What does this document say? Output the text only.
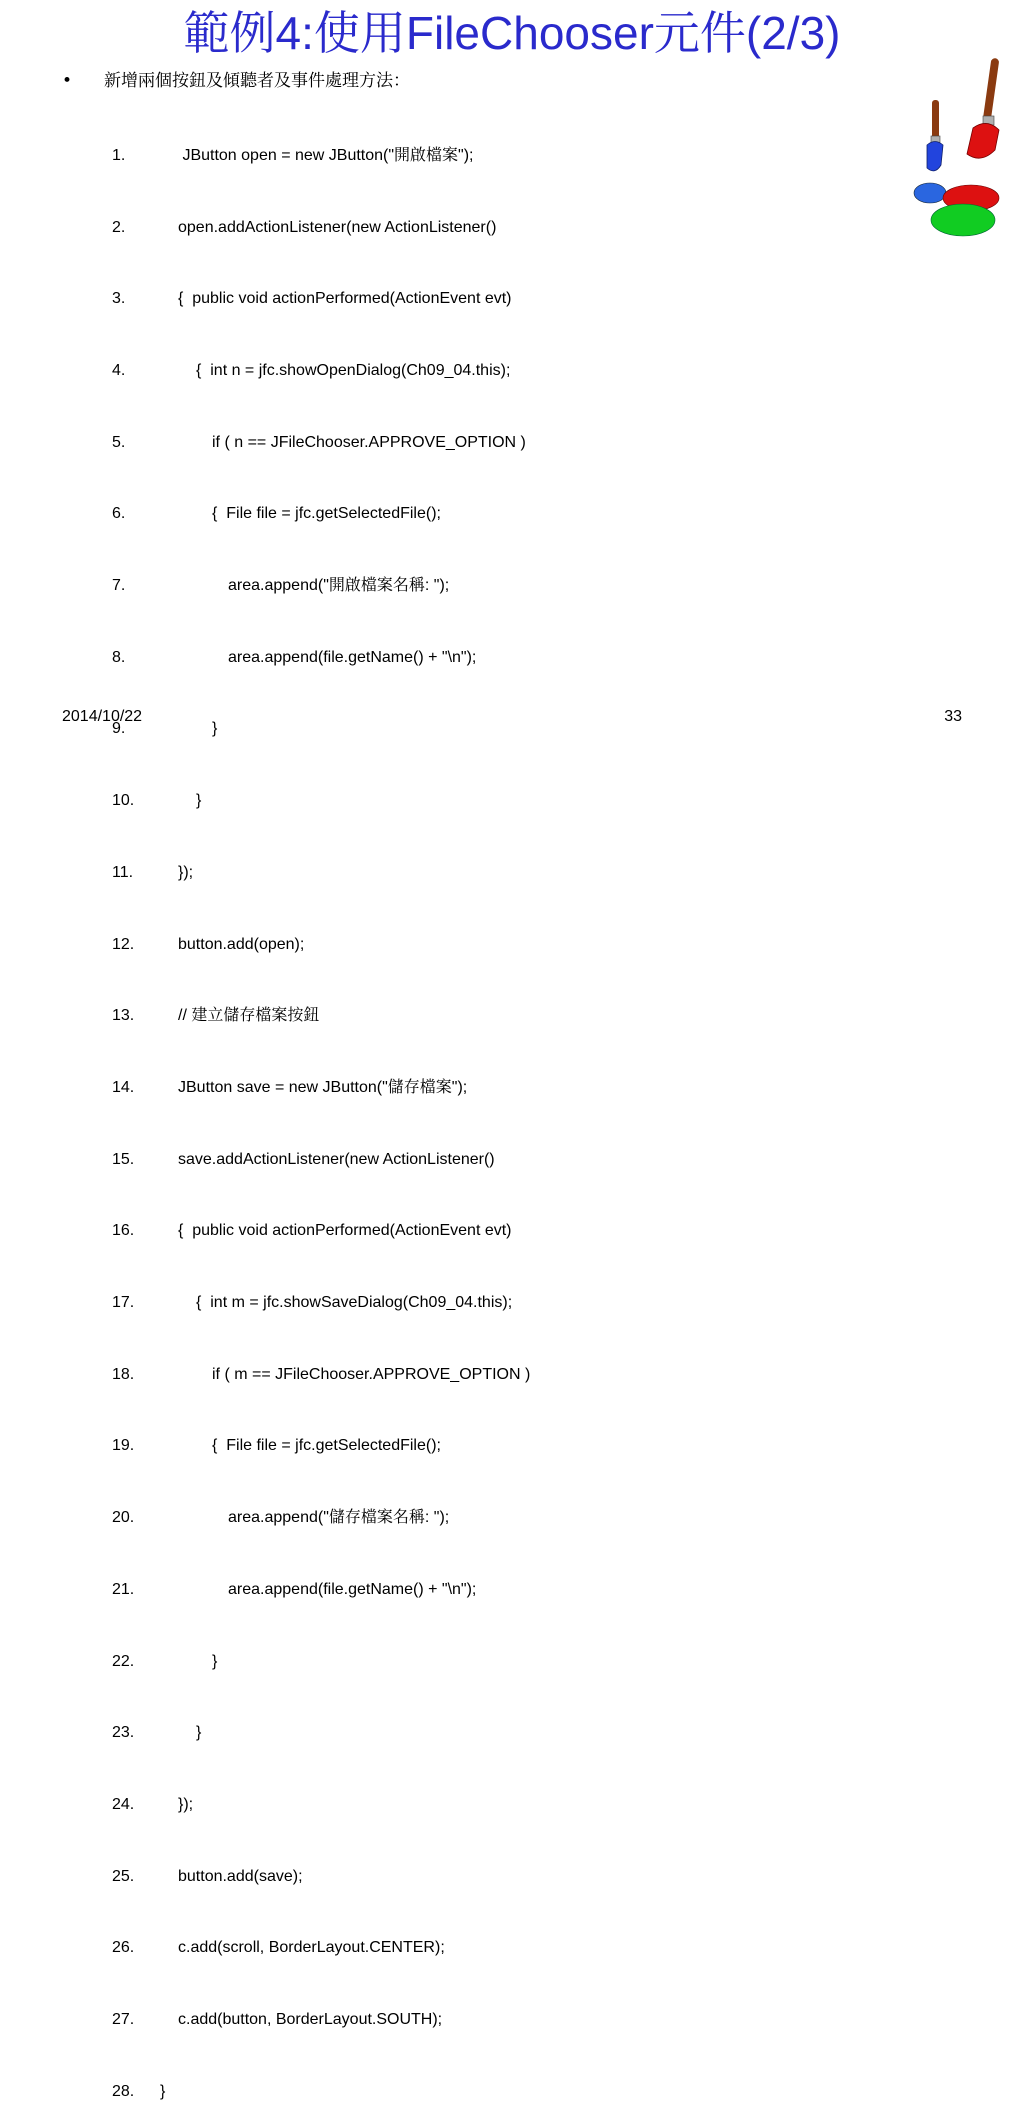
範例4:使用FileChooser元件(2/3)
• 新增兩個按鈕及傾聽者及事件處理方法：

1.	JButton open = new JButton("開啟檔案");

2.	open.addActionListener(new ActionListener()

3.	{  public void actionPerformed(ActionEvent evt)

4.	{  int n = jfc.showOpenDialog(Ch09_04.this);

5.	if ( n == JFileChooser.APPROVE_OPTION )

6.	{  File file = jfc.getSelectedFile();

7.	area.append("開啟檔案名稱: ");

8.	area.append(file.getName() + "\n");

9.	}

10.	}

11.	});

12.	button.add(open);

13.	// 建立儲存檔案按鈕

14.	JButton save = new JButton("儲存檔案");

15.	save.addActionListener(new ActionListener()

16.	{  public void actionPerformed(ActionEvent evt)

17.	{  int m = jfc.showSaveDialog(Ch09_04.this);

18.	if ( m == JFileChooser.APPROVE_OPTION )

19.	{  File file = jfc.getSelectedFile();

20.	area.append("儲存檔案名稱: ");

21.	area.append(file.getName() + "\n");

22.	}

23.	}

24.	});

25.	button.add(save);

26.	c.add(scroll, BorderLayout.CENTER);

27.	c.add(button, BorderLayout.SOUTH);

28. }

2014/10/22	33
